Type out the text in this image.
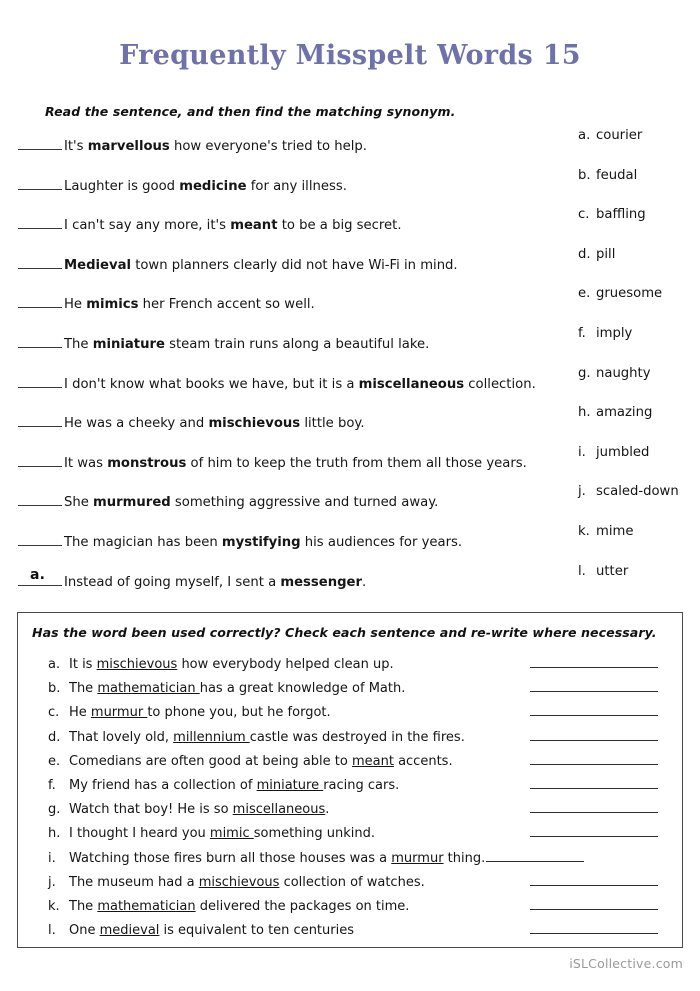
Frequently Misspelt Words 15
Read the sentence, and then find the matching synonym.
It's marvellous how everyone's tried to help.
Laughter is good medicine for any illness.
I can't say any more, it's meant to be a big secret.
Medieval town planners clearly did not have Wi-Fi in mind.
He mimics her French accent so well.
The miniature steam train runs along a beautiful lake.
I don't know what books we have, but it is a miscellaneous collection.
He was a cheeky and mischievous little boy.
It was monstrous of him to keep the truth from them all those years.
She murmured something aggressive and turned away.
The magician has been mystifying his audiences for years.
a. Instead of going myself, I sent a messenger.
a. courier
b. feudal
c. baffling
d. pill
e. gruesome
f. imply
g. naughty
h. amazing
i. jumbled
j. scaled-down
k. mime
l. utter
Has the word been used correctly? Check each sentence and re-write where necessary.
a. It is mischievous how everybody helped clean up.
b. The mathematician has a great knowledge of Math.
c. He murmur to phone you, but he forgot.
d. That lovely old, millennium castle was destroyed in the fires.
e. Comedians are often good at being able to meant accents.
f.	My friend has a collection of miniature racing cars.
g. Watch that boy! He is so miscellaneous.
h. I thought I heard you mimic something unkind.
i.	Watching those fires burn all those houses was a murmur thing.
j.	The museum had a mischievous collection of watches.
k. The mathematician delivered the packages on time.
l.	One medieval is equivalent to ten centuries
iSLCollective.com
